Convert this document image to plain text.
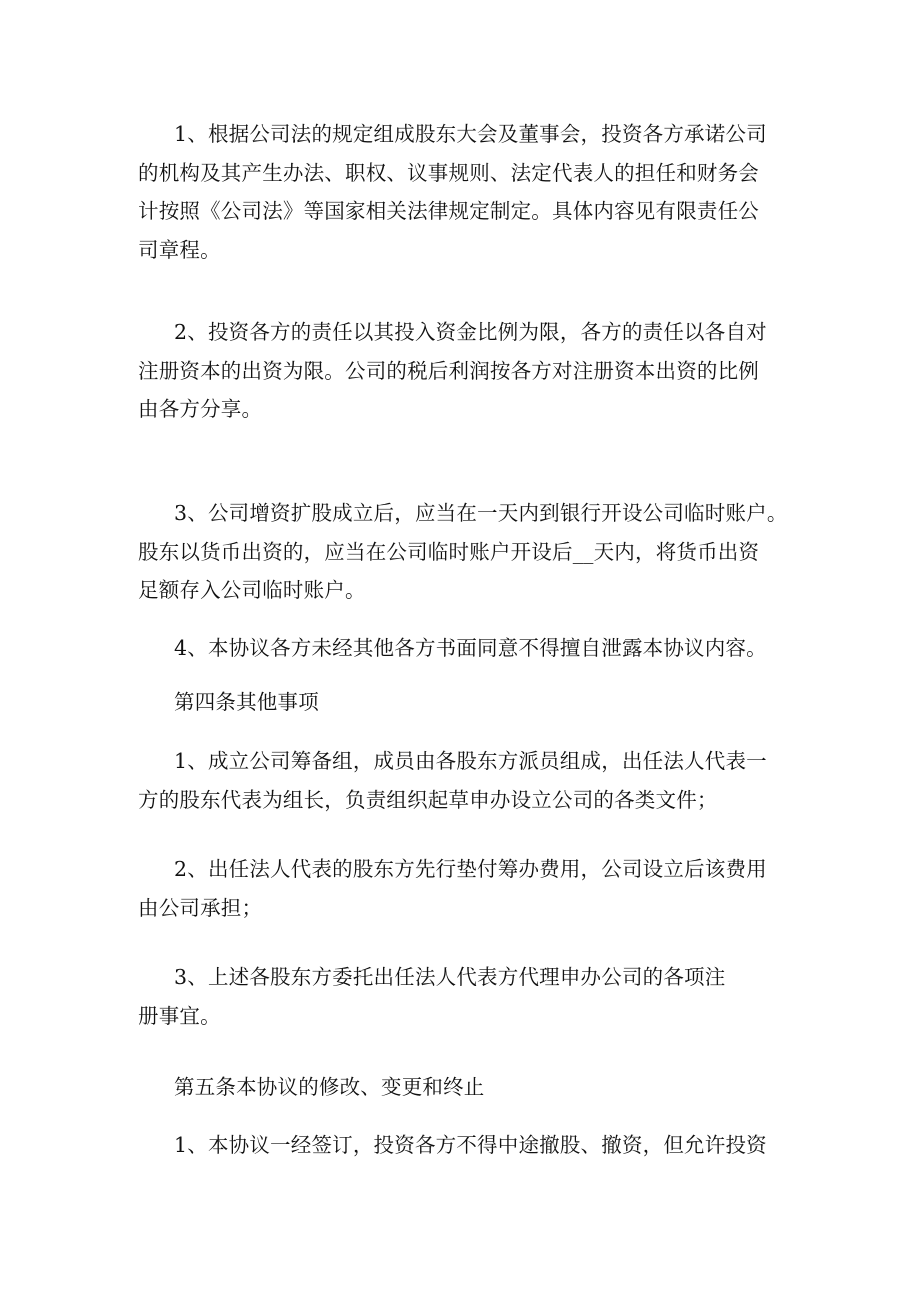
1、根据公司法的规定组成股东大会及董事会，投资各方承诺公司
的机构及其产生办法、职权、议事规则、法定代表人的担任和财务会
计按照《公司法》等国家相关法律规定制定。具体内容见有限责任公
司章程。

2、投资各方的责任以其投入资金比例为限，各方的责任以各自对
注册资本的出资为限。公司的税后利润按各方对注册资本出资的比例
由各方分享。

3、公司增资扩股成立后，应当在一天内到银行开设公司临时账户。
股东以货币出资的，应当在公司临时账户开设后__天内，将货币出资
足额存入公司临时账户。

4、本协议各方未经其他各方书面同意不得擅自泄露本协议内容。

第四条其他事项

1、成立公司筹备组，成员由各股东方派员组成，出任法人代表一
方的股东代表为组长，负责组织起草申办设立公司的各类文件；

2、出任法人代表的股东方先行垫付筹办费用，公司设立后该费用
由公司承担；

3、上述各股东方委托出任法人代表方代理申办公司的各项注
册事宜。

第五条本协议的修改、变更和终止

1、本协议一经签订，投资各方不得中途撤股、撤资，但允许投资
